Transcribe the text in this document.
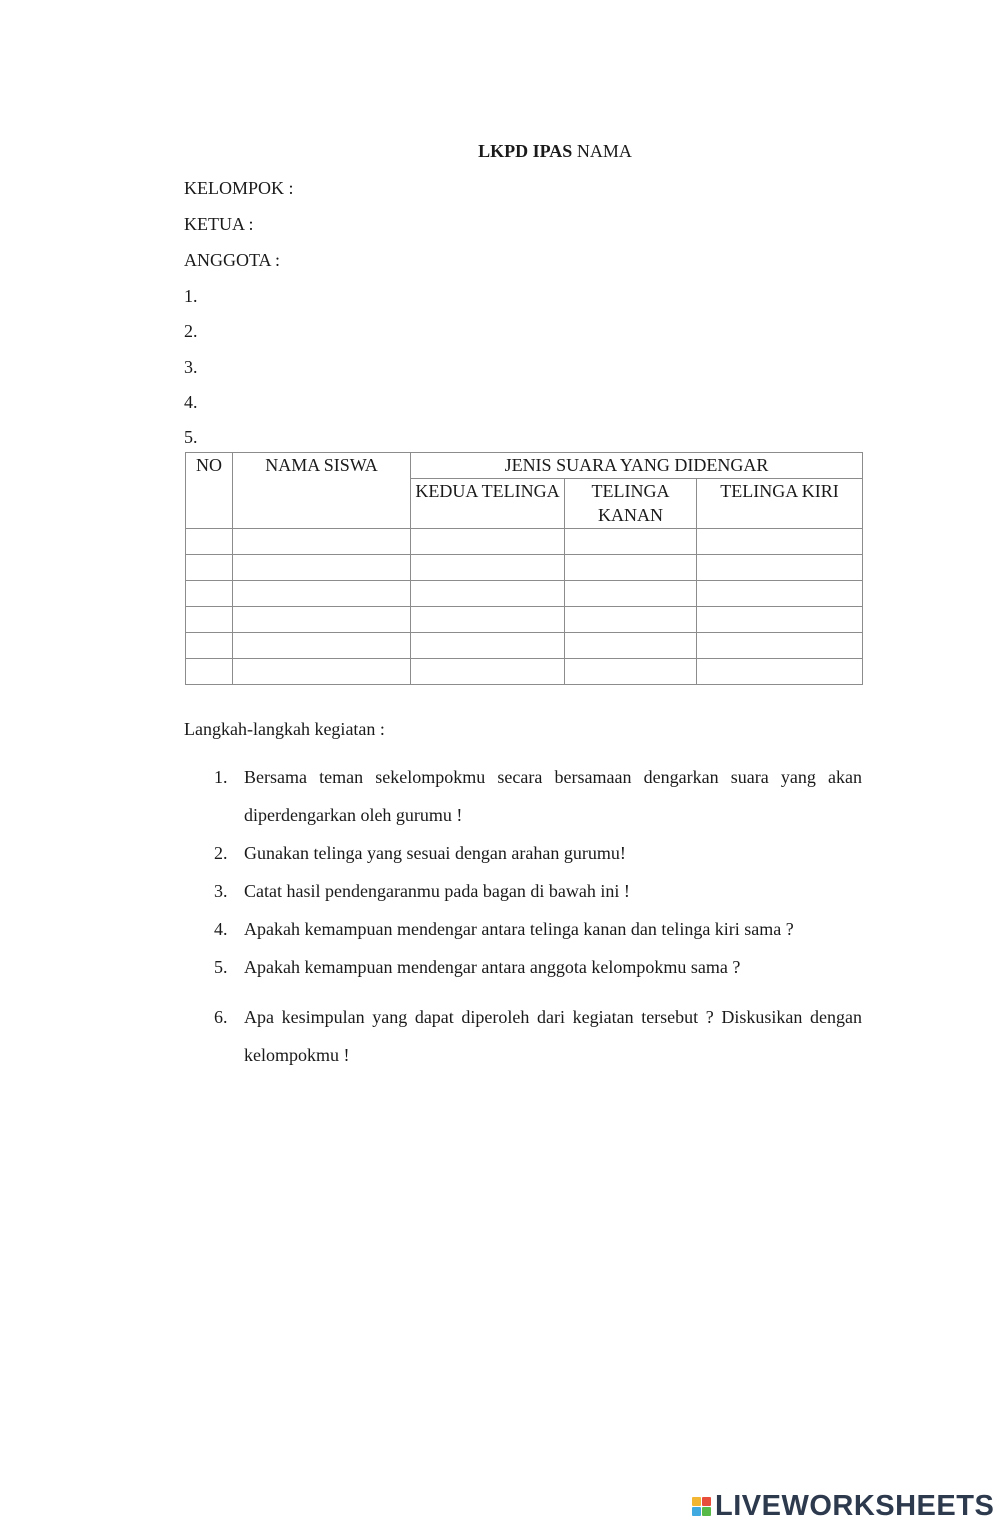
LKPD IPAS NAMA
KELOMPOK :
KETUA :
ANGGOTA :
1.
2.
3.
4.
5.
NO	NAMA SISWA	JENIS SUARA YANG DIDENGAR		
		KEDUA TELINGA	TELINGA KANAN	TELINGA KIRI

Langkah-langkah kegiatan :
1. Bersama teman sekelompokmu secara bersamaan dengarkan suara yang akan diperdengarkan oleh gurumu !
2. Gunakan telinga yang sesuai dengan arahan gurumu!
3. Catat hasil pendengaranmu pada bagan di bawah ini !
4. Apakah kemampuan mendengar antara telinga kanan dan telinga kiri sama ?
5. Apakah kemampuan mendengar antara anggota kelompokmu sama ?
6. Apa kesimpulan yang dapat diperoleh dari kegiatan tersebut ? Diskusikan dengan kelompokmu !
LIVEWORKSHEETS
